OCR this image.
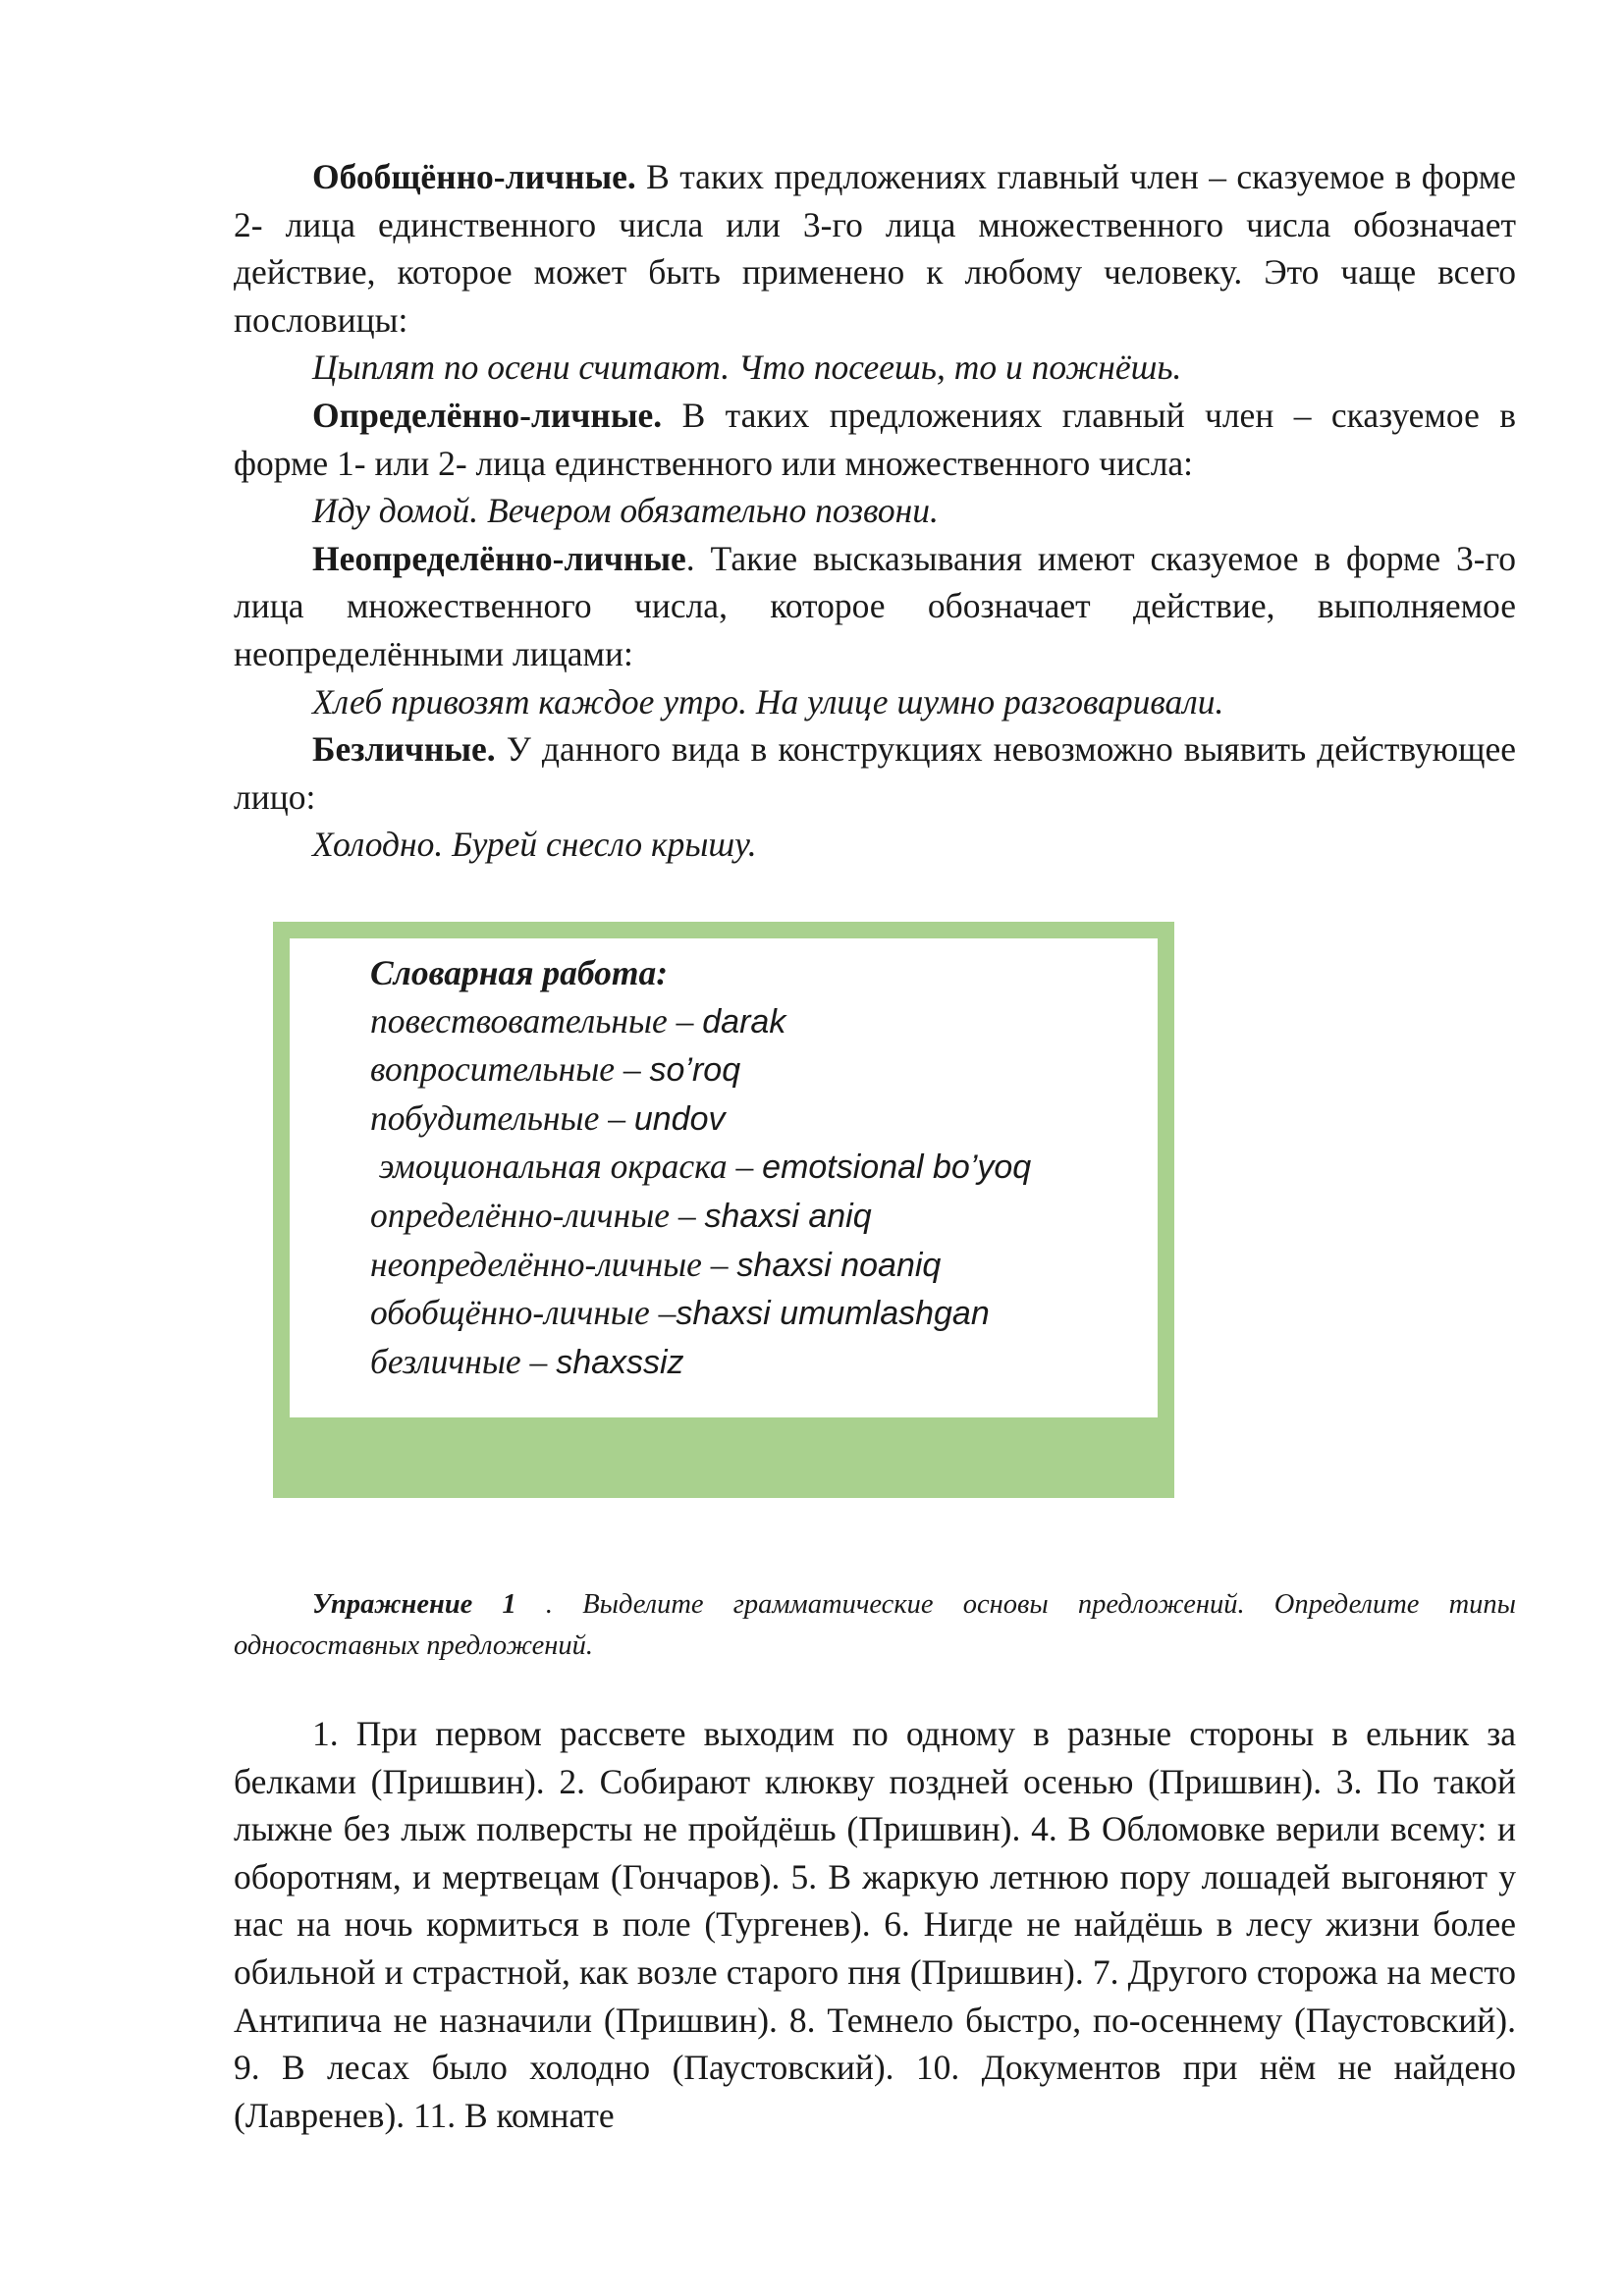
Обобщённо-личные. В таких предложениях главный член – сказуемое в форме 2- лица единственного числа или 3-го лица множественного числа обозначает действие, которое может быть применено к любому человеку. Это чаще всего пословицы:

Цыплят по осени считают. Что посеешь, то и пожнёшь.

Определённо-личные. В таких предложениях главный член – сказуемое в форме 1- или 2- лица единственного или множественного числа:

Иду домой. Вечером обязательно позвони.

Неопределённо-личные. Такие высказывания имеют сказуемое в форме 3-го лица множественного числа, которое обозначает действие, выполняемое неопределёнными лицами:

Хлеб привозят каждое утро. На улице шумно разговаривали.

Безличные. У данного вида в конструкциях невозможно выявить действующее лицо:

Холодно. Бурей снесло крышу.

Словарная работа:
повествовательные – darak
вопросительные – so’roq
побудительные – undov
эмоциональная окраска – emotsional bo’yoq
определённо-личные – shaxsi aniq
неопределённо-личные – shaxsi noaniq
обобщённо-личные –shaxsi umumlashgan
безличные – shaxssiz

Упражнение 1 . Выделите грамматические основы предложений. Определите типы односоставных предложений.

1. При первом рассвете выходим по одному в разные стороны в ельник за белками (Пришвин). 2. Собирают клюкву поздней осенью (Пришвин). 3. По такой лыжне без лыж полверсты не пройдёшь (Пришвин). 4. В Обломовке верили всему: и оборотням, и мертвецам (Гончаров). 5. В жаркую летнюю пору лошадей выгоняют у нас на ночь кормиться в поле (Тургенев). 6. Нигде не найдёшь в лесу жизни более обильной и страстной, как возле старого пня (Пришвин). 7. Другого сторожа на место Антипича не назначили (Пришвин). 8. Темнело быстро, по-осеннему (Паустовский). 9. В лесах было холодно (Паустовский). 10. Документов при нём не найдено (Лавренев). 11. В комнате
